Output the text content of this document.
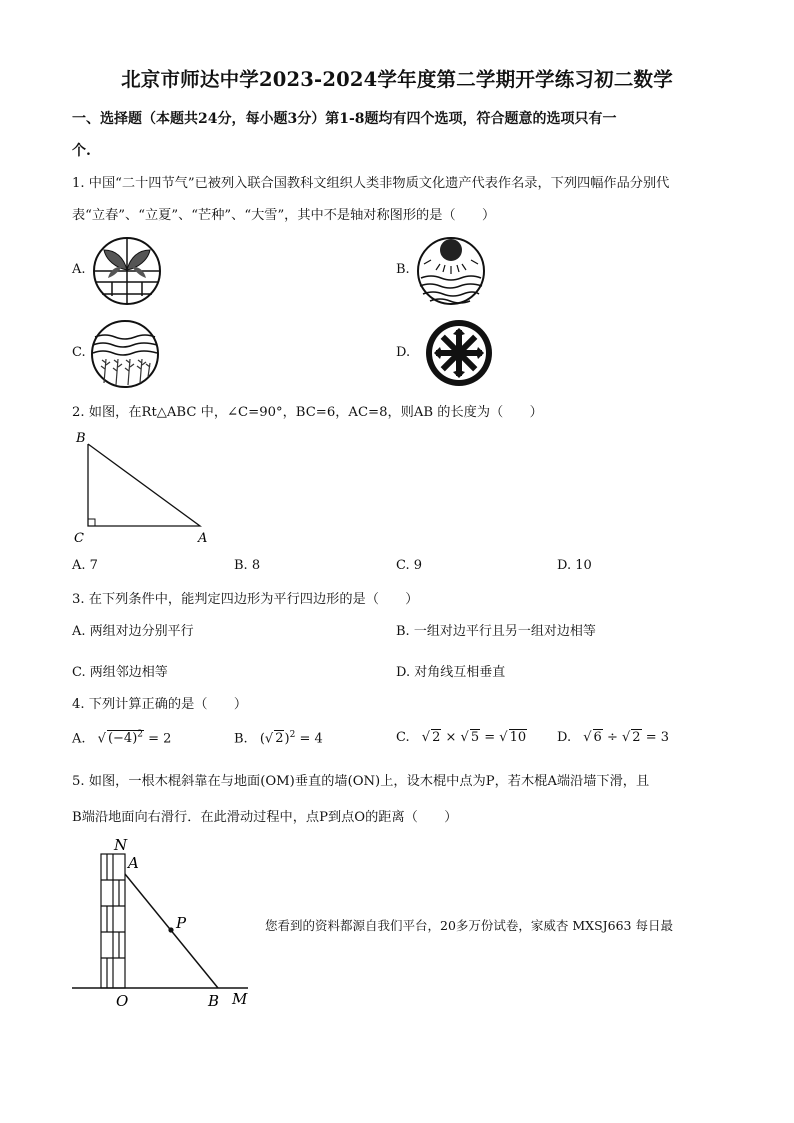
北京市师达中学2023-2024学年度第二学期开学练习初二数学
一、选择题（本题共24分，每小题3分）第1-8题均有四个选项，符合题意的选项只有一
个.
1. 中国“二十四节气”已被列入联合国教科文组织人类非物质文化遗产代表作名录，下列四幅作品分别代
表“立春”、“立夏”、“芒种”、“大雪”，其中不是轴对称图形的是（　　）
A.	B.
C.	D.
2. 如图，在Rt△ABC 中，∠C=90°，BC=6，AC=8，则AB 的长度为（　　）
B
C	A
A. 7	B. 8	C. 9	D. 10
3. 在下列条件中，能判定四边形为平行四边形的是（　　）
A. 两组对边分别平行	B. 一组对边平行且另一组对边相等
C. 两组邻边相等	D. 对角线互相垂直
4. 下列计算正确的是（　　）
A. √ $(-4)^2 = 2$	B. (√ 2)$^2$ = 4	C. √ 2 × √ 5 = √ 10 D. √ 6 ÷ √ 2 = 3
5. 如图，一根木棍斜靠在与地面(OM)垂直的墙(ON)上，设木棍中点为P，若木棍A端沿墙下滑，且
B端沿地面向右滑行．在此滑动过程中，点P到点O的距离（　　）
N
A
P
O	B M
您看到的资料都源自我们平台，20多万份试卷，家威杏 MXSJ663 每日最
